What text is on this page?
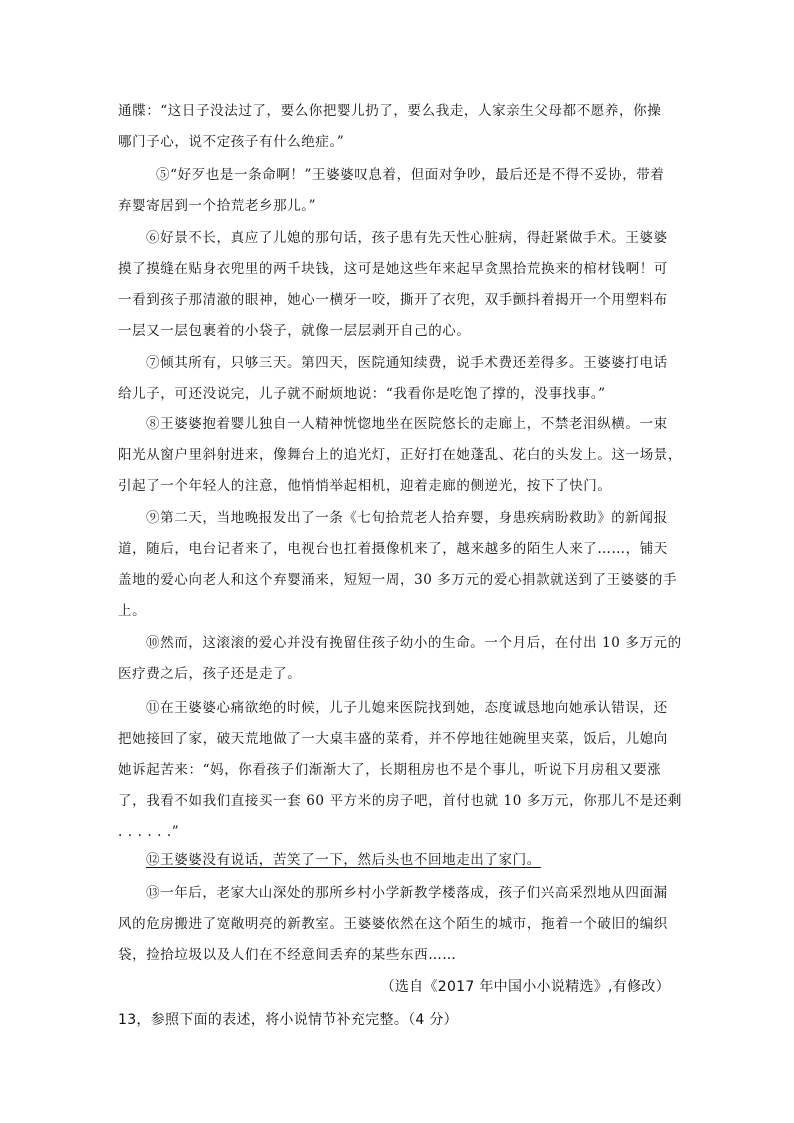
通牒：“这日子没法过了，要么你把婴儿扔了，要么我走，人家亲生父母都不愿养，你操
哪门子心，说不定孩子有什么绝症。”
⑤“好歹也是一条命啊！”王婆婆叹息着，但面对争吵，最后还是不得不妥协，带着
弃婴寄居到一个拾荒老乡那儿。”
⑥好景不长，真应了儿媳的那句话，孩子患有先天性心脏病，得赶紧做手术。王婆婆
摸了摸缝在贴身衣兜里的两千块钱，这可是她这些年来起早贪黑拾荒换来的棺材钱啊！可
一看到孩子那清澈的眼神，她心一横牙一咬，撕开了衣兜，双手颤抖着揭开一个用塑料布
一层又一层包裹着的小袋子，就像一层层剥开自己的心。
⑦倾其所有，只够三天。第四天，医院通知续费，说手术费还差得多。王婆婆打电话
给儿子，可还没说完，儿子就不耐烦地说：“我看你是吃饱了撑的，没事找事。”
⑧王婆婆抱着婴儿独自一人精神恍惚地坐在医院悠长的走廊上，不禁老泪纵横。一束
阳光从窗户里斜射进来，像舞台上的追光灯，正好打在她蓬乱、花白的头发上。这一场景，
引起了一个年轻人的注意，他悄悄举起相机，迎着走廊的侧逆光，按下了快门。
⑨第二天，当地晚报发出了一条《七旬拾荒老人拾弃婴，身患疾病盼救助》的新闻报
道，随后，电台记者来了，电视台也扛着摄像机来了，越来越多的陌生人来了……，铺天
盖地的爱心向老人和这个弃婴涌来，短短一周，30 多万元的爱心捐款就送到了王婆婆的手
上。
⑩然而，这滚滚的爱心并没有挽留住孩子幼小的生命。一个月后，在付出 10 多万元的
医疗费之后，孩子还是走了。
⑪在王婆婆心痛欲绝的时候，儿子儿媳来医院找到她，态度诚恳地向她承认错误，还
把她接回了家，破天荒地做了一大桌丰盛的菜肴，并不停地往她碗里夹菜，饭后，儿媳向
她诉起苦来：“妈，你看孩子们渐渐大了，长期租房也不是个事儿，听说下月房租又要涨
了，我看不如我们直接买一套 60 平方米的房子吧，首付也就 10 多万元，你那儿不是还剩
. . . . . .”
⑫王婆婆没有说话，苦笑了一下，然后头也不回地走出了家门。
⑬一年后，老家大山深处的那所乡村小学新教学楼落成，孩子们兴高采烈地从四面漏
风的危房搬进了宽敞明亮的新教室。王婆婆依然在这个陌生的城市，拖着一个破旧的编织
袋，捡拾垃圾以及人们在不经意间丢弃的某些东西……
（选自《2017 年中国小小说精选》,有修改）
13，参照下面的表述，将小说情节补充完整。（4 分）
